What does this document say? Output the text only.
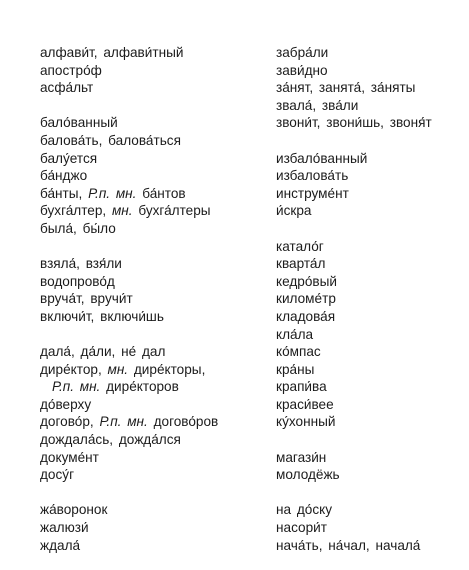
алфави́т, алфави́тный
апостро́ф
асфа́льт
бало́ванный
балова́ть, балова́ться
балу́ется
ба́нджо
ба́нты, Р.п. мн. ба́нтов
бухга́лтер, мн. бухга́лтеры
была́, бы́ло
взяла́, взя́ли
водопрово́д
вруча́т, вручи́т
включи́т, включи́шь
дала́, да́ли, не́ дал
дире́ктор, мн. дире́кторы,
Р.п. мн. дире́кторов
до́верху
догово́р, Р.п. мн. догово́ров
дождала́сь, дожда́лся
докуме́нт
досу́г
жа́воронок
жалюзи́
ждала́
забра́ли
зави́дно
за́нят, занята́, за́няты
звала́, зва́ли
звони́т, звони́шь, звоня́т
избало́ванный
избалова́ть
инструме́нт
и́скра
катало́г
кварта́л
кедро́вый
киломе́тр
кладова́я
кла́ла
ко́мпас
кра́ны
крапи́ва
краси́вее
ку́хонный
магази́н
молодёжь
на до́ску
насори́т
нача́ть, на́чал, начала́
